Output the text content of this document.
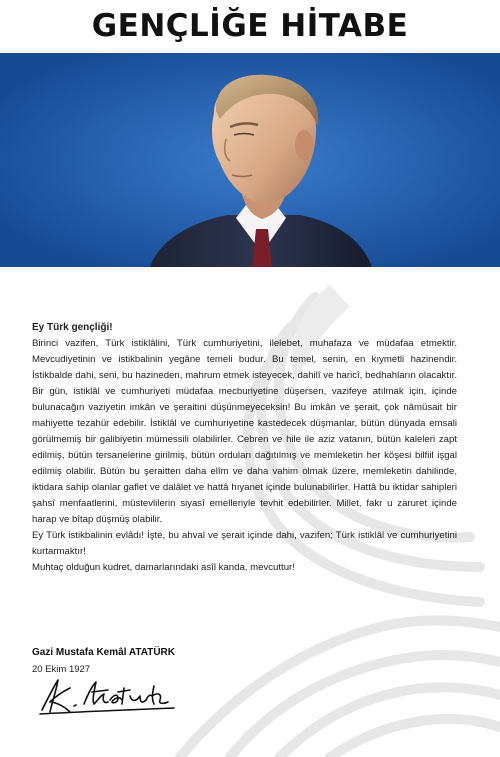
GENÇLİĞE HİTABE
Ey Türk gençliği!
Birinci vazifen, Türk istiklâlini, Türk cumhuriyetini, ilelebet, muhafaza ve müdafaa etmektir. Mevcudiyetinin ve istikbalinin yegâne temeli budur. Bu temel, senin, en kıymetli hazinendir. İstikbalde dahi, seni, bu hazineden, mahrum etmek isteyecek, dahilî ve haricî, bedhahların olacaktır. Bir gün, istiklâl ve cumhuriyeti müdafaa mecburiyetine düşersen, vazifeye atılmak için, içinde bulunacağın vaziyetin imkân ve şeraitini düşünmeyeceksin! Bu imkân ve şerait, çok nâmüsait bir mahiyette tezahür edebilir. İstiklâl ve cumhuriyetine kastedecek düşmanlar, bütün dünyada emsali görülmemiş bir galibiyetin mümessili olabilirler. Cebren ve hile ile aziz vatanın, bütün kaleleri zapt edilmiş, bütün tersanelerine girilmiş, bütün orduları dağıtılmış ve memleketin her köşesi bilfiil işgal edilmiş olabilir. Bütün bu şeraitten daha elîm ve daha vahim olmak üzere, memleketin dahilinde, iktidara sahip olanlar gaflet ve dalâlet ve hattâ hıyanet içinde bulunabilirler. Hattâ bu iktidar sahipleri şahsî menfaatlerini, müstevlilerin siyasî emelleriyle tevhit edebilirler. Millet, fakr u zaruret içinde harap ve bîtap düşmüş olabilir.
Ey Türk istikbalinin evlâdı! İşte, bu ahval ve şerait içinde dahi, vazifen; Türk istiklâl ve cumhuriyetini kurtarmaktır!
Muhtaç olduğun kudret, damarlarındaki asîl kanda, mevcuttur!
Gazi Mustafa Kemâl ATATÜRK
20 Ekim 1927
